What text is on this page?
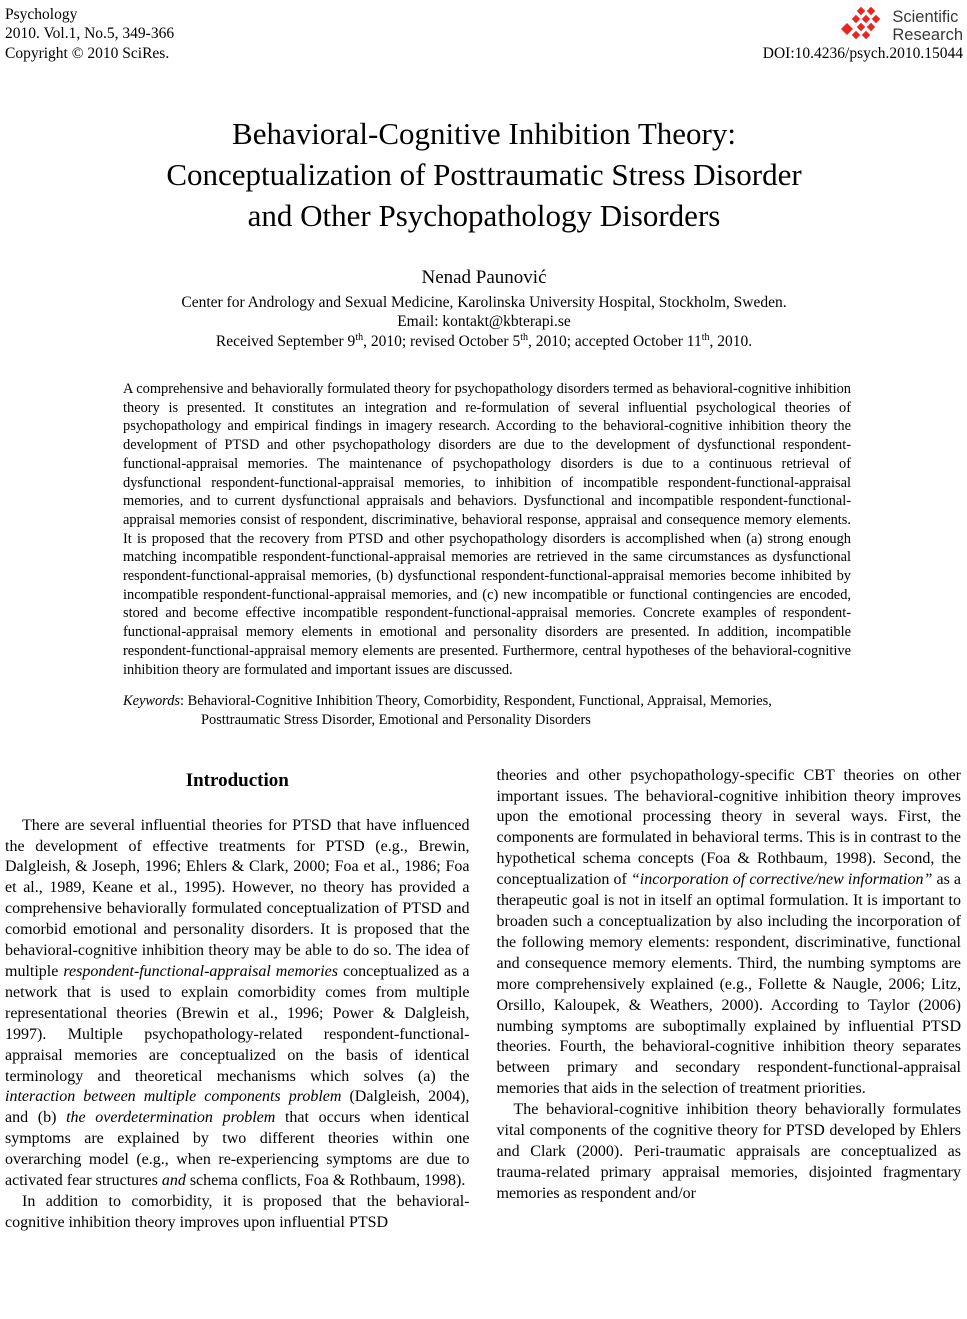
Psychology
2010. Vol.1, No.5, 349-366
Copyright © 2010 SciRes.
Scientific
Research
DOI:10.4236/psych.2010.15044
Behavioral-Cognitive Inhibition Theory:
Conceptualization of Posttraumatic Stress Disorder
and Other Psychopathology Disorders
Nenad Paunović
Center for Andrology and Sexual Medicine, Karolinska University Hospital, Stockholm, Sweden.
Email: kontakt@kbterapi.se
Received September 9th, 2010; revised October 5th, 2010; accepted October 11th, 2010.
A comprehensive and behaviorally formulated theory for psychopathology disorders termed as behavioral-cognitive inhibition theory is presented. It constitutes an integration and re-formulation of several influential psychological theories of psychopathology and empirical findings in imagery research. According to the behavioral-cognitive inhibition theory the development of PTSD and other psychopathology disorders are due to the development of dysfunctional respondent-functional-appraisal memories. The maintenance of psychopathology disorders is due to a continuous retrieval of dysfunctional respondent-functional-appraisal memories, to inhibition of incompatible respondent-functional-appraisal memories, and to current dysfunctional appraisals and behaviors. Dysfunctional and incompatible respondent-functional-appraisal memories consist of respondent, discriminative, behavioral response, appraisal and consequence memory elements. It is proposed that the recovery from PTSD and other psychopathology disorders is accomplished when (a) strong enough matching incompatible respondent-functional-appraisal memories are retrieved in the same circumstances as dysfunctional respondent-functional-appraisal memories, (b) dysfunctional respondent-functional-appraisal memories become inhibited by incompatible respondent-functional-appraisal memories, and (c) new incompatible or functional contingencies are encoded, stored and become effective incompatible respondent-functional-appraisal memories. Concrete examples of respondent-functional-appraisal memory elements in emotional and personality disorders are presented. In addition, incompatible respondent-functional-appraisal memory elements are presented. Furthermore, central hypotheses of the behavioral-cognitive inhibition theory are formulated and important issues are discussed.
Keywords: Behavioral-Cognitive Inhibition Theory, Comorbidity, Respondent, Functional, Appraisal, Memories, Posttraumatic Stress Disorder, Emotional and Personality Disorders
Introduction

There are several influential theories for PTSD that have influenced the development of effective treatments for PTSD (e.g., Brewin, Dalgleish, & Joseph, 1996; Ehlers & Clark, 2000; Foa et al., 1986; Foa et al., 1989, Keane et al., 1995). However, no theory has provided a comprehensive behaviorally formulated conceptualization of PTSD and comorbid emotional and personality disorders. It is proposed that the behavioral-cognitive inhibition theory may be able to do so. The idea of multiple respondent-functional-appraisal memories conceptualized as a network that is used to explain comorbidity comes from multiple representational theories (Brewin et al., 1996; Power & Dalgleish, 1997). Multiple psychopathology-related respondent-functional-appraisal memories are conceptualized on the basis of identical terminology and theoretical mechanisms which solves (a) the interaction between multiple components problem (Dalgleish, 2004), and (b) the overdetermination problem that occurs when identical symptoms are explained by two different theories within one overarching model (e.g., when re-experiencing symptoms are due to activated fear structures and schema conflicts, Foa & Rothbaum, 1998).

In addition to comorbidity, it is proposed that the behavioral-cognitive inhibition theory improves upon influential PTSD

theories and other psychopathology-specific CBT theories on other important issues. The behavioral-cognitive inhibition theory improves upon the emotional processing theory in several ways. First, the components are formulated in behavioral terms. This is in contrast to the hypothetical schema concepts (Foa & Rothbaum, 1998). Second, the conceptualization of “incorporation of corrective/new information” as a therapeutic goal is not in itself an optimal formulation. It is important to broaden such a conceptualization by also including the incorporation of the following memory elements: respondent, discriminative, functional and consequence memory elements. Third, the numbing symptoms are more comprehensively explained (e.g., Follette & Naugle, 2006; Litz, Orsillo, Kaloupek, & Weathers, 2000). According to Taylor (2006) numbing symptoms are suboptimally explained by influential PTSD theories. Fourth, the behavioral-cognitive inhibition theory separates between primary and secondary respondent-functional-appraisal memories that aids in the selection of treatment priorities.

The behavioral-cognitive inhibition theory behaviorally formulates vital components of the cognitive theory for PTSD developed by Ehlers and Clark (2000). Peri-traumatic appraisals are conceptualized as trauma-related primary appraisal memories, disjointed fragmentary memories as respondent and/or
